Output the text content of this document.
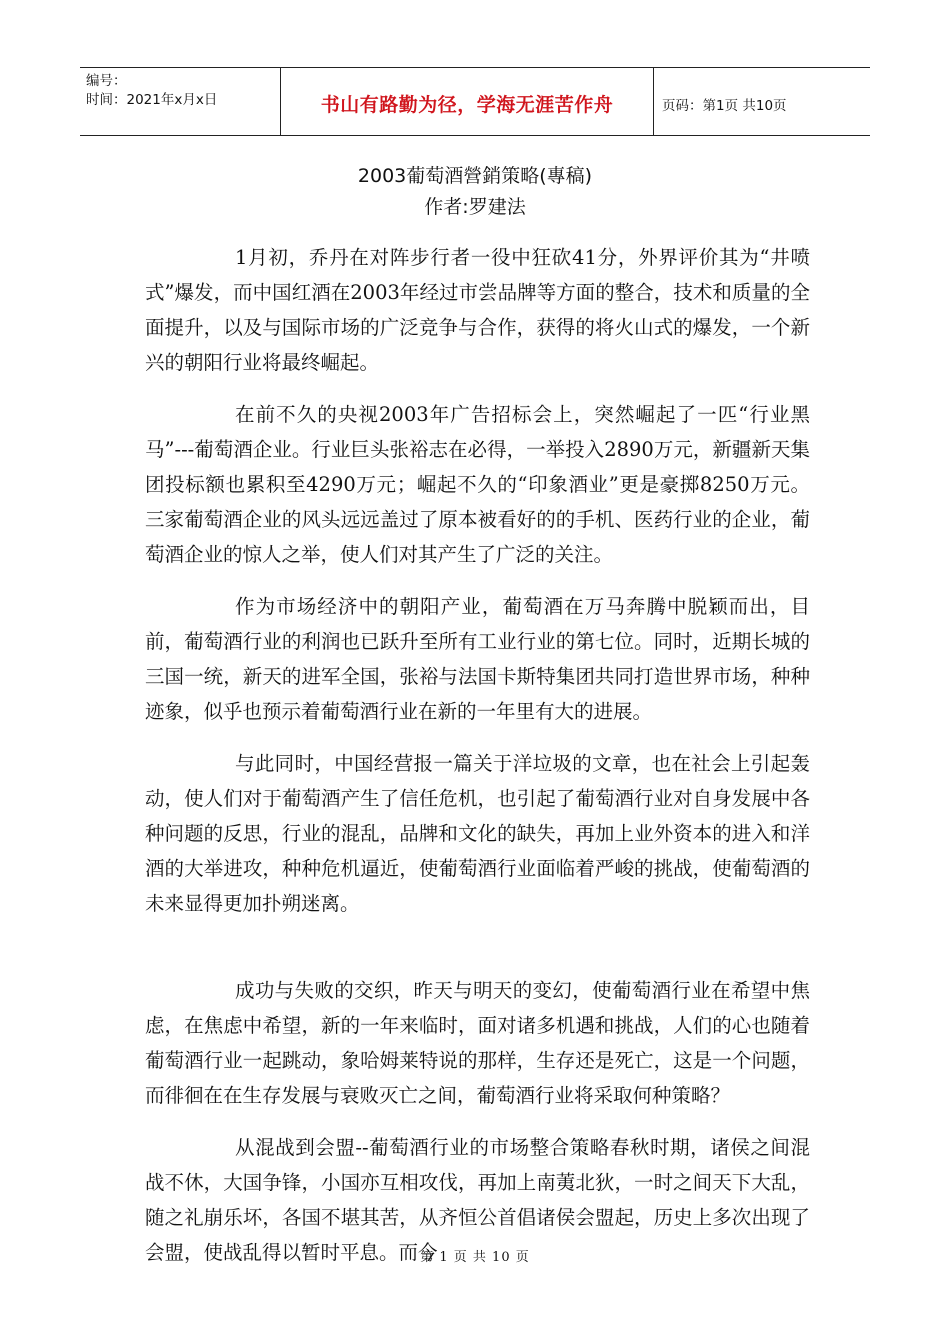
编号：
时间：2021年x月x日	书山有路勤为径，学海无涯苦作舟	页码：第1页 共10页
2003葡萄酒營銷策略(專稿)
作者:罗建法

1月初，乔丹在对阵步行者一役中狂砍41分，外界评价其为“井喷式”爆发，而中国红酒在2003年经过市尝品牌等方面的整合，技术和质量的全面提升，以及与国际市场的广泛竞争与合作，获得的将火山式的爆发，一个新兴的朝阳行业将最终崛起。

在前不久的央视2003年广告招标会上，突然崛起了一匹“行业黑马”---葡萄酒企业。行业巨头张裕志在必得，一举投入2890万元，新疆新天集团投标额也累积至4290万元；崛起不久的“印象酒业”更是豪掷8250万元。三家葡萄酒企业的风头远远盖过了原本被看好的的手机、医药行业的企业，葡萄酒企业的惊人之举，使人们对其产生了广泛的关注。

作为市场经济中的朝阳产业，葡萄酒在万马奔腾中脱颖而出，目前，葡萄酒行业的利润也已跃升至所有工业行业的第七位。同时，近期长城的三国一统，新天的进军全国，张裕与法国卡斯特集团共同打造世界市场，种种迹象，似乎也预示着葡萄酒行业在新的一年里有大的进展。

与此同时，中国经营报一篇关于洋垃圾的文章，也在社会上引起轰动，使人们对于葡萄酒产生了信任危机，也引起了葡萄酒行业对自身发展中各种问题的反思，行业的混乱，品牌和文化的缺失，再加上业外资本的进入和洋酒的大举进攻，种种危机逼近，使葡萄酒行业面临着严峻的挑战，使葡萄酒的未来显得更加扑朔迷离。

成功与失败的交织，昨天与明天的变幻，使葡萄酒行业在希望中焦虑，在焦虑中希望，新的一年来临时，面对诸多机遇和挑战，人们的心也随着葡萄酒行业一起跳动，象哈姆莱特说的那样，生存还是死亡，这是一个问题，而徘徊在在生存发展与衰败灭亡之间，葡萄酒行业将采取何种策略？

从混战到会盟--葡萄酒行业的市场整合策略春秋时期，诸侯之间混战不休，大国争锋，小国亦互相攻伐，再加上南荑北狄，一时之间天下大乱，随之礼崩乐坏，各国不堪其苦，从齐恒公首倡诸侯会盟起，历史上多次出现了会盟，使战乱得以暂时平息。而今

第 1 页 共 10 页
